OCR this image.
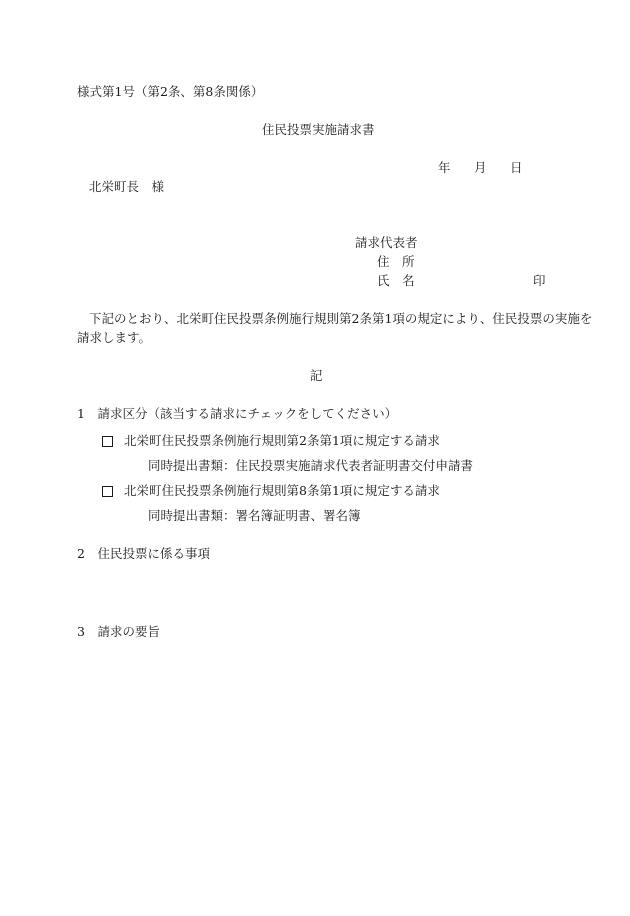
様式第1号（第2条、第8条関係）
住民投票実施請求書
年 月 日
北栄町長　様
請求代表者
住　所
氏　名	印
下記のとおり、北栄町住民投票条例施行規則第2条第1項の規定により、住民投票の実施を
請求します。
記
1　請求区分（該当する請求にチェックをしてください）
北栄町住民投票条例施行規則第2条第1項に規定する請求
同時提出書類：住民投票実施請求代表者証明書交付申請書
北栄町住民投票条例施行規則第8条第1項に規定する請求
同時提出書類：署名簿証明書、署名簿
2　住民投票に係る事項
3　請求の要旨
